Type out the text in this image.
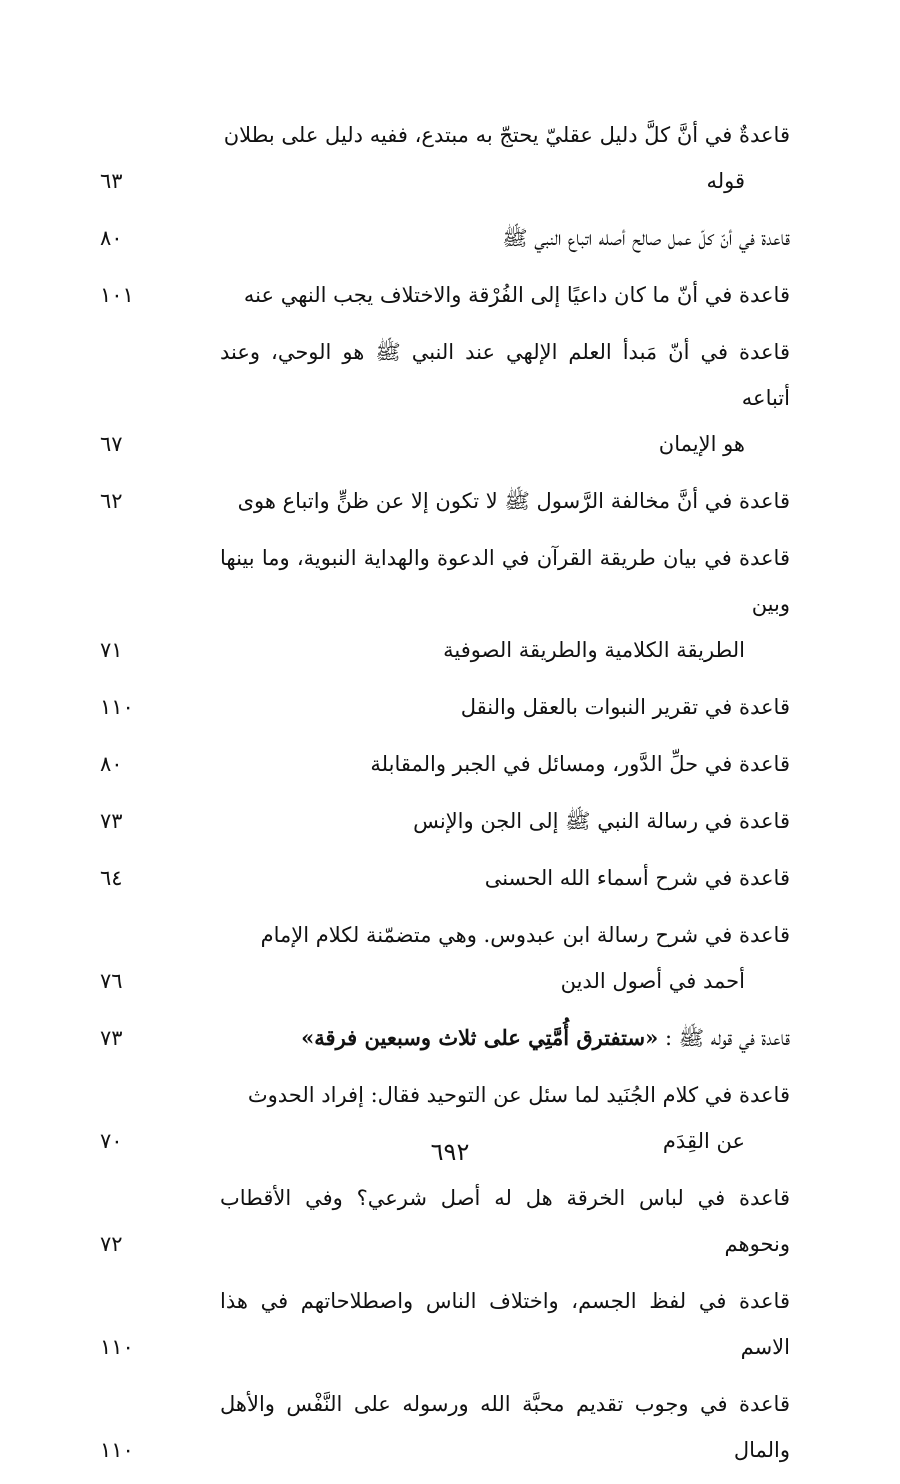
قاعدةٌ في أنَّ كلَّ دليل عقليّ يحتجّ به مبتدع، ففيه دليل على بطلان
قوله
٦٣
قاعدة في أنّ كلّ عمل صالح أصله اتباع النبي ﷺ
٨٠
قاعدة في أنّ ما كان داعيًا إلى الفُرْقة والاختلاف يجب النهي عنه
١٠١
قاعدة في أنّ مَبدأ العلم الإلهي عند النبي ﷺ هو الوحي، وعند أتباعه
هو الإيمان
٦٧
قاعدة في أنَّ مخالفة الرَّسول ﷺ لا تكون إلا عن ظنٍّ واتباع هوى
٦٢
قاعدة في بيان طريقة القرآن في الدعوة والهداية النبوية، وما بينها وبين
الطريقة الكلامية والطريقة الصوفية
٧١
قاعدة في تقرير النبوات بالعقل والنقل
١١٠
قاعدة في حلِّ الدَّور، ومسائل في الجبر والمقابلة
٨٠
قاعدة في رسالة النبي ﷺ إلى الجن والإنس
٧٣
قاعدة في شرح أسماء الله الحسنى
٦٤
قاعدة في شرح رسالة ابن عبدوس. وهي متضمّنة لكلام الإمام
أحمد في أصول الدين
٧٦
قاعدة في قوله ﷺ : «ستفترق أُمَّتِي على ثلاث وسبعين فرقة»
٧٣
قاعدة في كلام الجُنَيد لما سئل عن التوحيد فقال: إفراد الحدوث
عن القِدَم
٧٠
قاعدة في لباس الخرقة هل له أصل شرعي؟ وفي الأقطاب ونحوهم
٧٢
قاعدة في لفظ الجسم، واختلاف الناس واصطلاحاتهم في هذا الاسم
١١٠
قاعدة في وجوب تقديم محبَّة الله ورسوله على النَّفْس والأهل والمال
١١٠
٦٩٢
